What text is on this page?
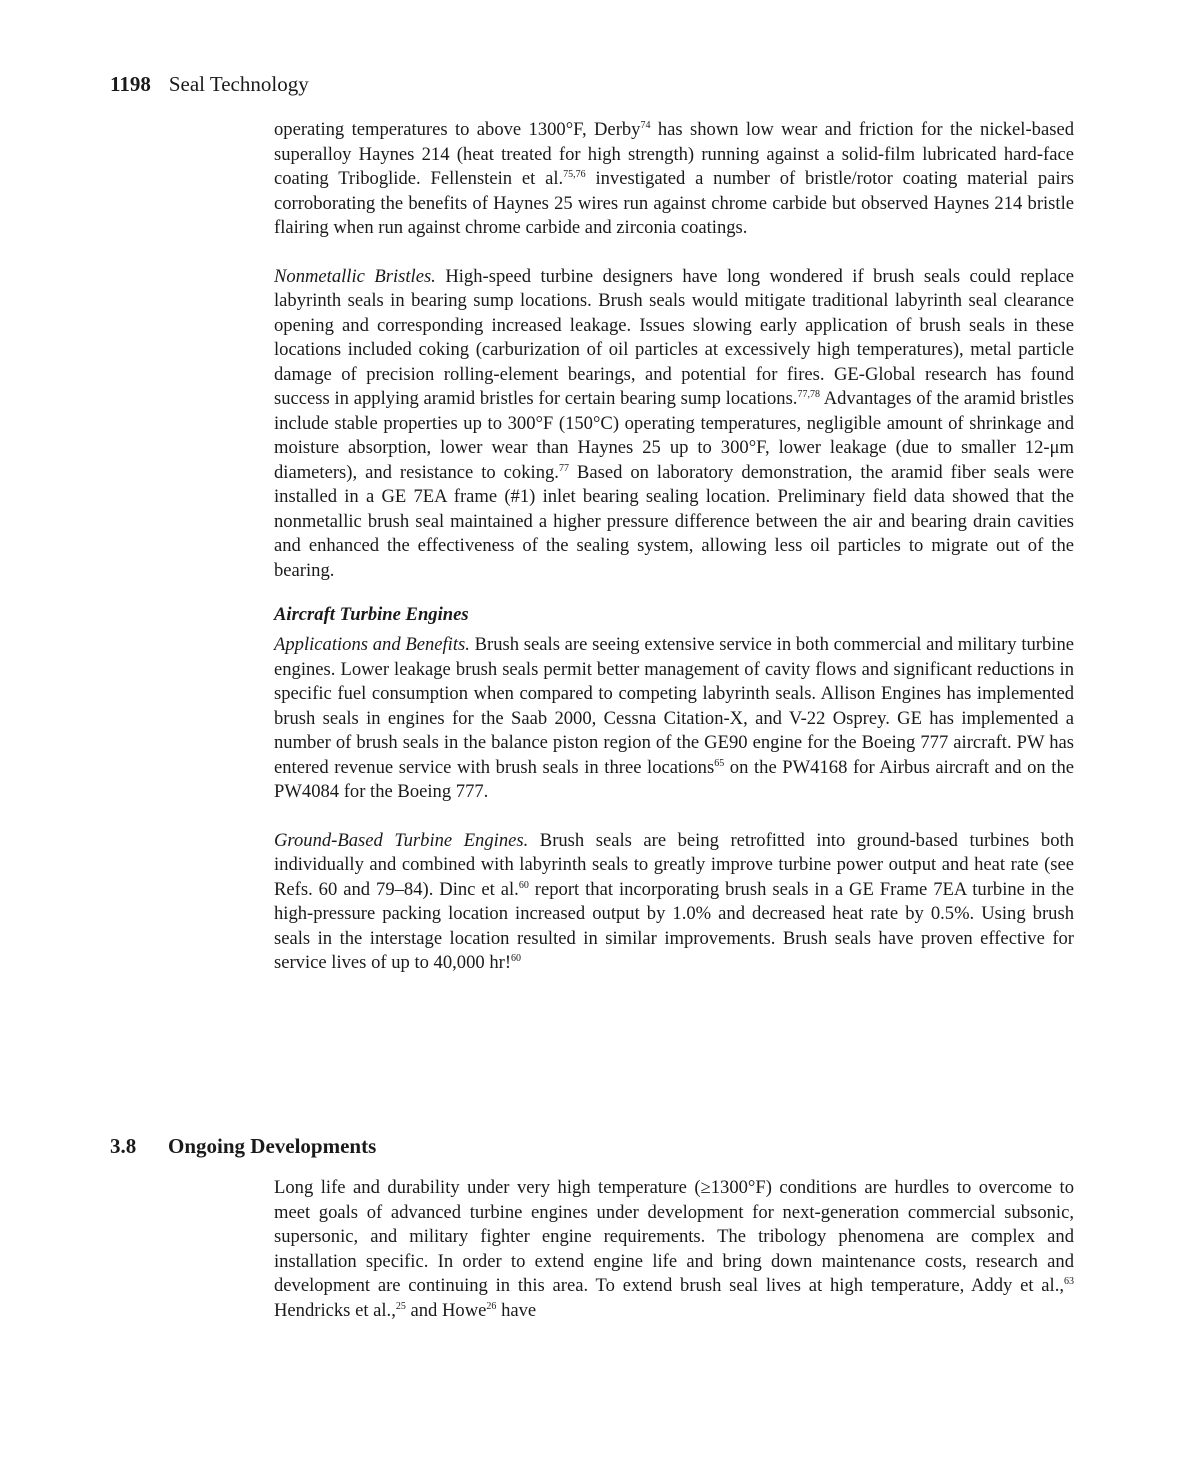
1198 Seal Technology

operating temperatures to above 1300°F, Derby$^{74}$ has shown low wear and friction for the nickel-based superalloy Haynes 214 (heat treated for high strength) running against a solid-film lubricated hard-face coating Triboglide. Fellenstein et al.$^{75,76}$ investigated a number of bristle/rotor coating material pairs corroborating the benefits of Haynes 25 wires run against chrome carbide but observed Haynes 214 bristle flairing when run against chrome carbide and zirconia coatings.

Nonmetallic Bristles. High-speed turbine designers have long wondered if brush seals could replace labyrinth seals in bearing sump locations. Brush seals would mitigate traditional labyrinth seal clearance opening and corresponding increased leakage. Issues slowing early application of brush seals in these locations included coking (carburization of oil particles at excessively high temperatures), metal particle damage of precision rolling-element bearings, and potential for fires. GE-Global research has found success in applying aramid bristles for certain bearing sump locations.$^{77,78}$ Advantages of the aramid bristles include stable properties up to 300°F (150°C) operating temperatures, negligible amount of shrinkage and moisture absorption, lower wear than Haynes 25 up to 300°F, lower leakage (due to smaller 12-μm diameters), and resistance to coking.$^{77}$ Based on laboratory demonstration, the aramid fiber seals were installed in a GE 7EA frame (#1) inlet bearing sealing location. Preliminary field data showed that the nonmetallic brush seal maintained a higher pressure difference between the air and bearing drain cavities and enhanced the effectiveness of the sealing system, allowing less oil particles to migrate out of the bearing.

Aircraft Turbine Engines

Applications and Benefits. Brush seals are seeing extensive service in both commercial and military turbine engines. Lower leakage brush seals permit better management of cavity flows and significant reductions in specific fuel consumption when compared to competing labyrinth seals. Allison Engines has implemented brush seals in engines for the Saab 2000, Cessna Citation-X, and V-22 Osprey. GE has implemented a number of brush seals in the balance piston region of the GE90 engine for the Boeing 777 aircraft. PW has entered revenue service with brush seals in three locations$^{65}$ on the PW4168 for Airbus aircraft and on the PW4084 for the Boeing 777.

Ground-Based Turbine Engines. Brush seals are being retrofitted into ground-based turbines both individually and combined with labyrinth seals to greatly improve turbine power output and heat rate (see Refs. 60 and 79–84). Dinc et al.$^{60}$ report that incorporating brush seals in a GE Frame 7EA turbine in the high-pressure packing location increased output by 1.0% and decreased heat rate by 0.5%. Using brush seals in the interstage location resulted in similar improvements. Brush seals have proven effective for service lives of up to 40,000 hr!$^{60}$

3.8 Ongoing Developments

Long life and durability under very high temperature (≥1300°F) conditions are hurdles to overcome to meet goals of advanced turbine engines under development for next-generation commercial subsonic, supersonic, and military fighter engine requirements. The tribology phenomena are complex and installation specific. In order to extend engine life and bring down maintenance costs, research and development are continuing in this area. To extend brush seal lives at high temperature, Addy et al.,$^{63}$ Hendricks et al.,$^{25}$ and Howe$^{26}$ have
